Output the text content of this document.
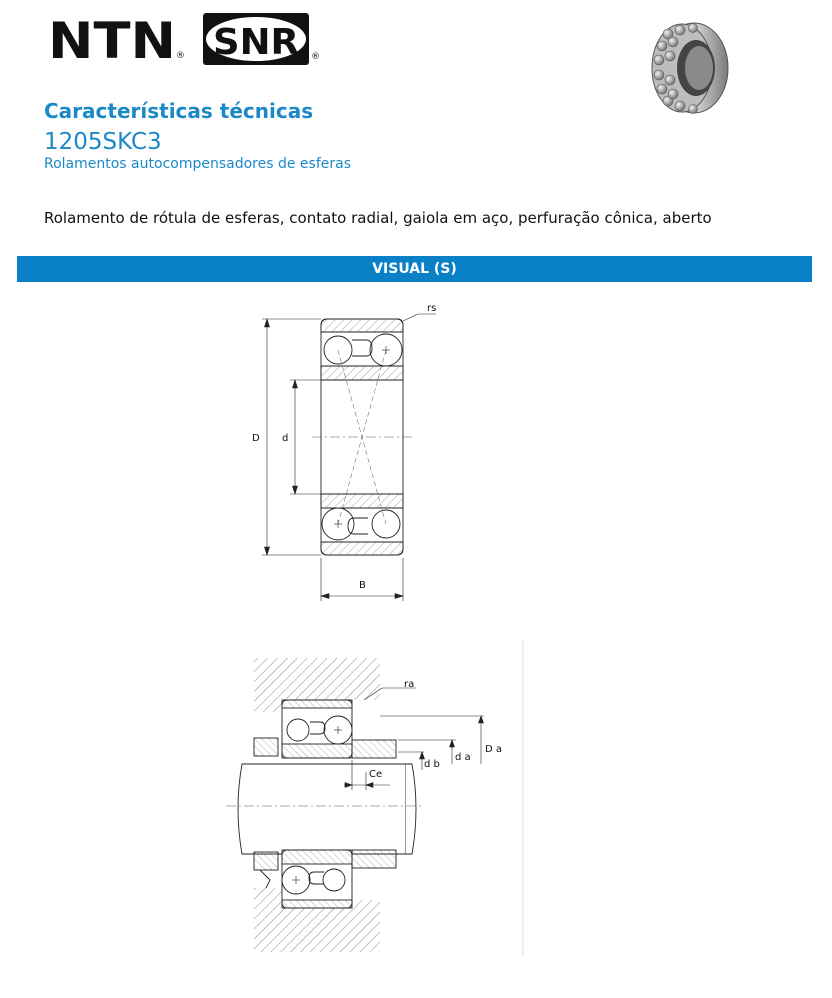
NTN ® SNR ®
Características técnicas
1205SKC3
Rolamentos autocompensadores de esferas
Rolamento de rótula de esferas, contato radial, gaiola em aço, perfuração cônica, aberto
VISUAL (S)
rs
D d
B
ra
Ce
d b
d a
D a
